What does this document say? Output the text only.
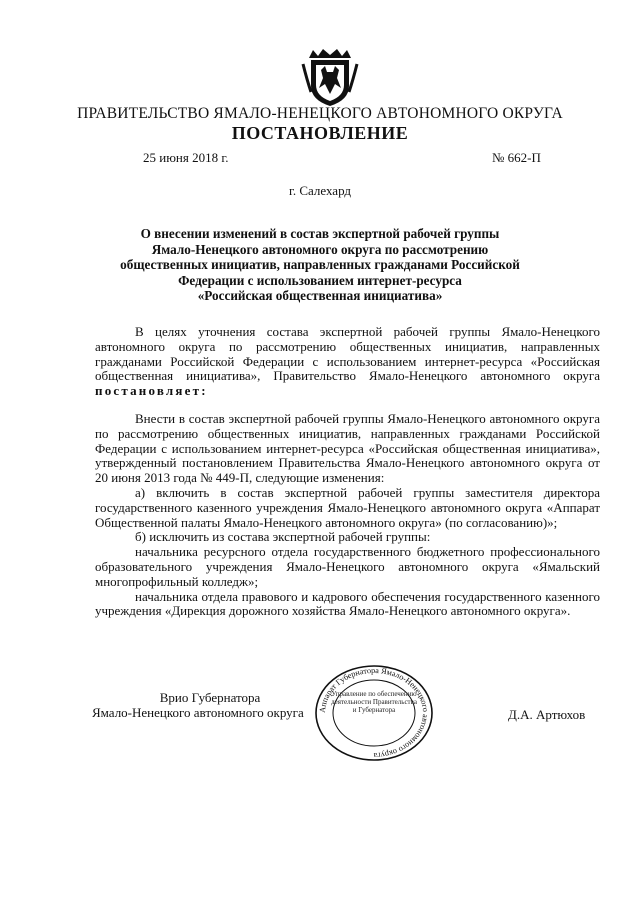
ПРАВИТЕЛЬСТВО ЯМАЛО-НЕНЕЦКОГО АВТОНОМНОГО ОКРУГА
ПОСТАНОВЛЕНИЕ
25 июня 2018 г.	№ 662-П
г. Салехард
О внесении изменений в состав экспертной рабочей группы
Ямало-Ненецкого автономного округа по рассмотрению
общественных инициатив, направленных гражданами Российской
Федерации с использованием интернет-ресурса
«Российская общественная инициатива»

В целях уточнения состава экспертной рабочей группы Ямало-Ненецкого автономного округа по рассмотрению общественных инициатив, направленных гражданами Российской Федерации с использованием интернет-ресурса «Российская общественная инициатива», Правительство Ямало-Ненецкого автономного округа постановляет:

Внести в состав экспертной рабочей группы Ямало-Ненецкого автономного округа по рассмотрению общественных инициатив, направленных гражданами Российской Федерации с использованием интернет-ресурса «Российская общественная инициатива», утвержденный постановлением Правительства Ямало-Ненецкого автономного округа от 20 июня 2013 года № 449-П, следующие изменения:

а) включить в состав экспертной рабочей группы заместителя директора государственного казенного учреждения Ямало-Ненецкого автономного округа «Аппарат Общественной палаты Ямало-Ненецкого автономного округа» (по согласованию)»;

б) исключить из состава экспертной рабочей группы:

начальника ресурсного отдела государственного бюджетного профессионального образовательного учреждения Ямало-Ненецкого автономного округа «Ямальский многопрофильный колледж»;

начальника отдела правового и кадрового обеспечения государственного казенного учреждения «Дирекция дорожного хозяйства Ямало-Ненецкого автономного округа».

Врио Губернатора
Ямало-Ненецкого автономного округа	Д.А. Артюхов
Аппарат Губернатора Ямало-Ненецкого автономного округа
Управление по обеспечению деятельности Правительства и Губернатора
